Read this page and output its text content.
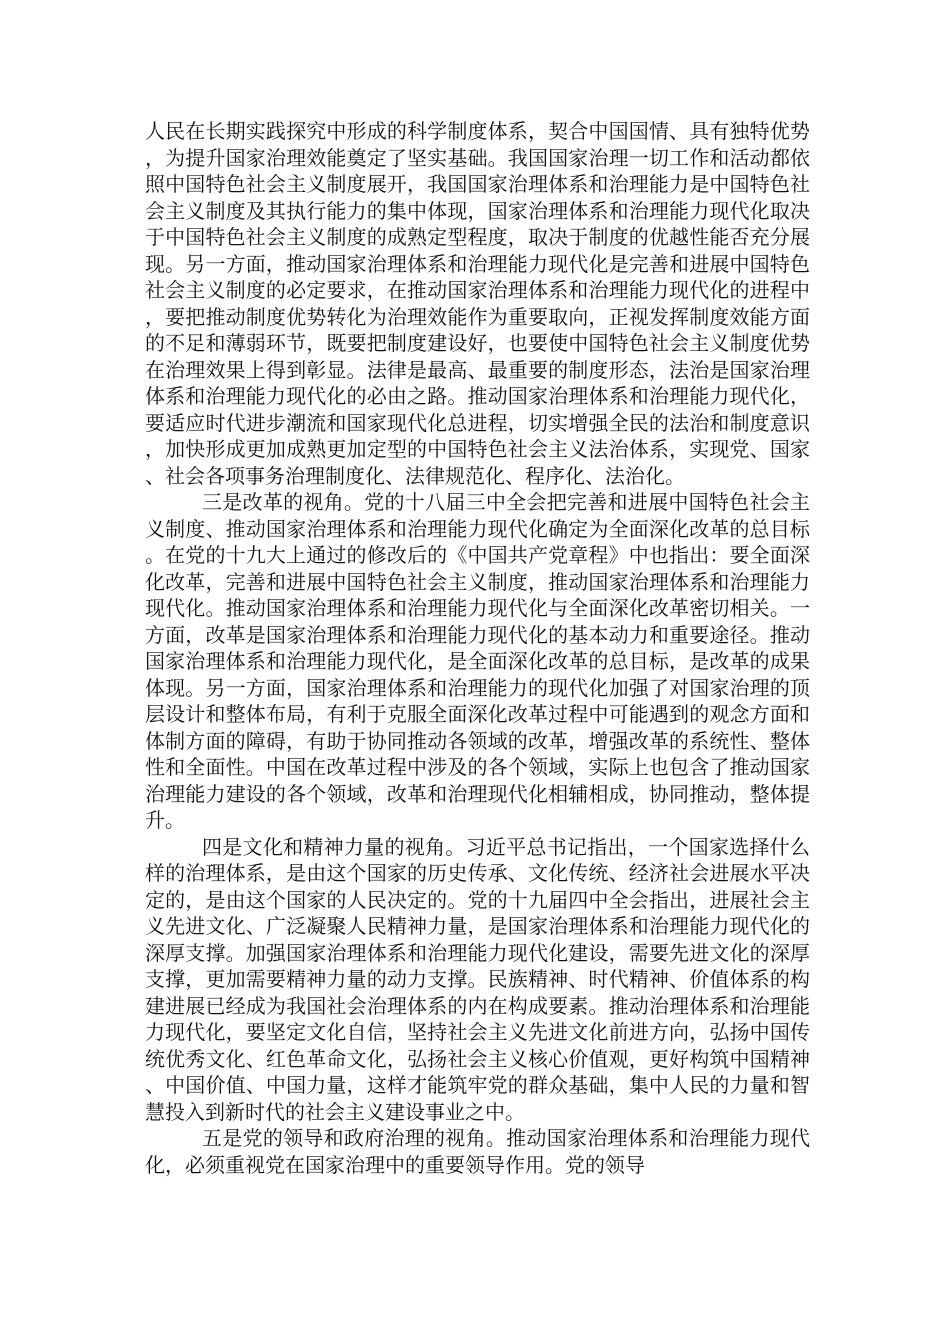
人民在长期实践探究中形成的科学制度体系，契合中国国情、具有独特优势，为提升国家治理效能奠定了坚实基础。我国国家治理一切工作和活动都依照中国特色社会主义制度展开，我国国家治理体系和治理能力是中国特色社会主义制度及其执行能力的集中体现，国家治理体系和治理能力现代化取决于中国特色社会主义制度的成熟定型程度，取决于制度的优越性能否充分展现。另一方面，推动国家治理体系和治理能力现代化是完善和进展中国特色社会主义制度的必定要求，在推动国家治理体系和治理能力现代化的进程中，要把推动制度优势转化为治理效能作为重要取向，正视发挥制度效能方面的不足和薄弱环节，既要把制度建设好，也要使中国特色社会主义制度优势在治理效果上得到彰显。法律是最高、最重要的制度形态，法治是国家治理体系和治理能力现代化的必由之路。推动国家治理体系和治理能力现代化，要适应时代进步潮流和国家现代化总进程，切实增强全民的法治和制度意识，加快形成更加成熟更加定型的中国特色社会主义法治体系，实现党、国家、社会各项事务治理制度化、法律规范化、程序化、法治化。

三是改革的视角。党的十八届三中全会把完善和进展中国特色社会主义制度、推动国家治理体系和治理能力现代化确定为全面深化改革的总目标。在党的十九大上通过的修改后的《中国共产党章程》中也指出：要全面深化改革，完善和进展中国特色社会主义制度，推动国家治理体系和治理能力现代化。推动国家治理体系和治理能力现代化与全面深化改革密切相关。一方面，改革是国家治理体系和治理能力现代化的基本动力和重要途径。推动国家治理体系和治理能力现代化，是全面深化改革的总目标，是改革的成果体现。另一方面，国家治理体系和治理能力的现代化加强了对国家治理的顶层设计和整体布局，有利于克服全面深化改革过程中可能遇到的观念方面和体制方面的障碍，有助于协同推动各领域的改革，增强改革的系统性、整体性和全面性。中国在改革过程中涉及的各个领域，实际上也包含了推动国家治理能力建设的各个领域，改革和治理现代化相辅相成，协同推动，整体提升。

四是文化和精神力量的视角。习近平总书记指出，一个国家选择什么样的治理体系，是由这个国家的历史传承、文化传统、经济社会进展水平决定的，是由这个国家的人民决定的。党的十九届四中全会指出，进展社会主义先进文化、广泛凝聚人民精神力量，是国家治理体系和治理能力现代化的深厚支撑。加强国家治理体系和治理能力现代化建设，需要先进文化的深厚支撑，更加需要精神力量的动力支撑。民族精神、时代精神、价值体系的构建进展已经成为我国社会治理体系的内在构成要素。推动治理体系和治理能力现代化，要坚定文化自信，坚持社会主义先进文化前进方向，弘扬中国传统优秀文化、红色革命文化，弘扬社会主义核心价值观，更好构筑中国精神、中国价值、中国力量，这样才能筑牢党的群众基础，集中人民的力量和智慧投入到新时代的社会主义建设事业之中。

五是党的领导和政府治理的视角。推动国家治理体系和治理能力现代化，必须重视党在国家治理中的重要领导作用。党的领导
